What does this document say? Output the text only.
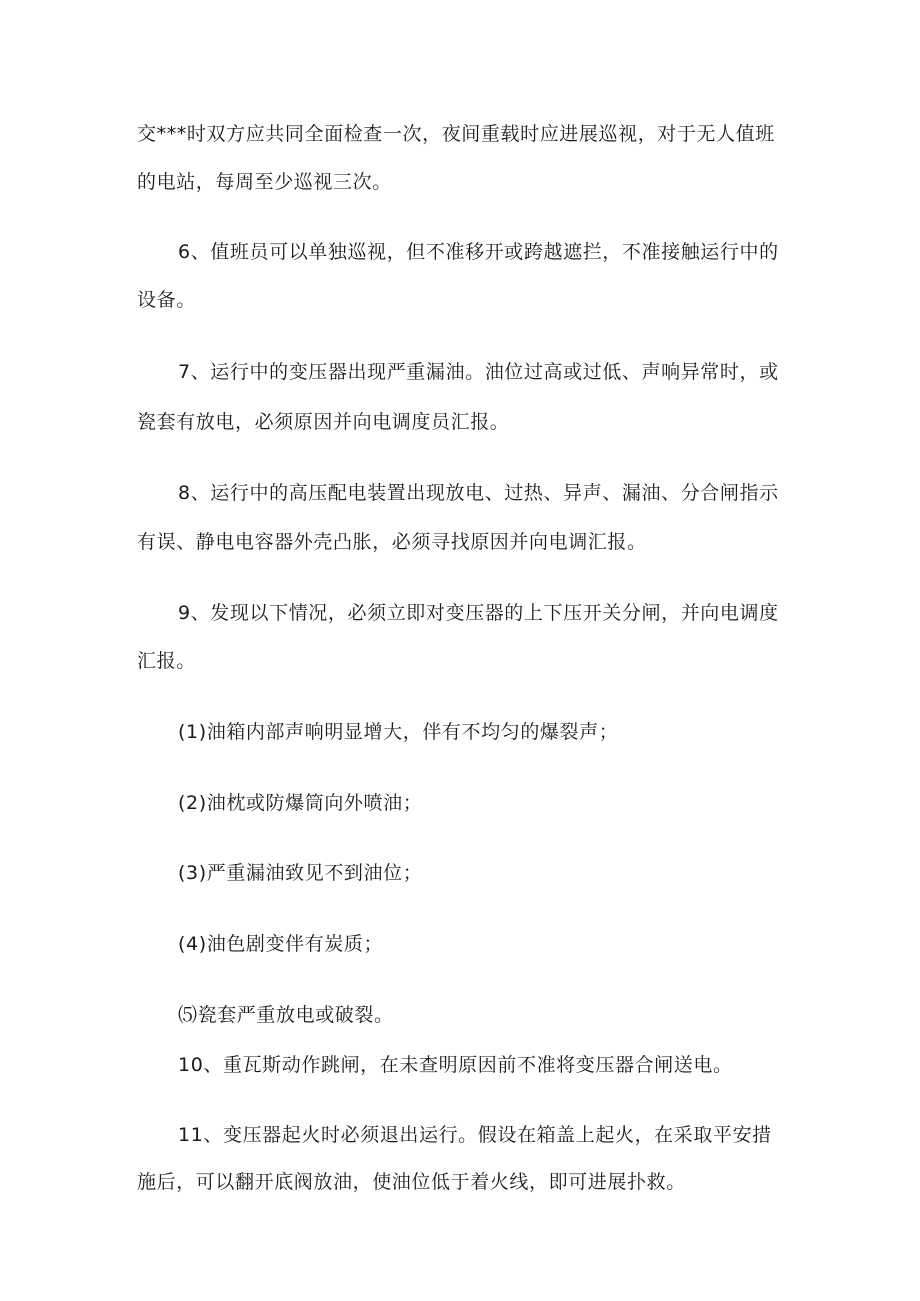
交***时双方应共同全面检查一次，夜间重载时应进展巡视，对于无人值班
的电站，每周至少巡视三次。
6、值班员可以单独巡视，但不准移开或跨越遮拦，不准接触运行中的
设备。
7、运行中的变压器出现严重漏油。油位过高或过低、声响异常时，或
瓷套有放电，必须原因并向电调度员汇报。
8、运行中的高压配电装置出现放电、过热、异声、漏油、分合闸指示
有误、静电电容器外壳凸胀，必须寻找原因并向电调汇报。
9、发现以下情况，必须立即对变压器的上下压开关分闸，并向电调度
汇报。
(1)油箱内部声响明显增大，伴有不均匀的爆裂声；
(2)油枕或防爆筒向外喷油；
(3)严重漏油致见不到油位；
(4)油色剧变伴有炭质；
⑸瓷套严重放电或破裂。
10、重瓦斯动作跳闸，在未查明原因前不准将变压器合闸送电。
11、变压器起火时必须退出运行。假设在箱盖上起火，在采取平安措
施后，可以翻开底阀放油，使油位低于着火线，即可进展扑救。
